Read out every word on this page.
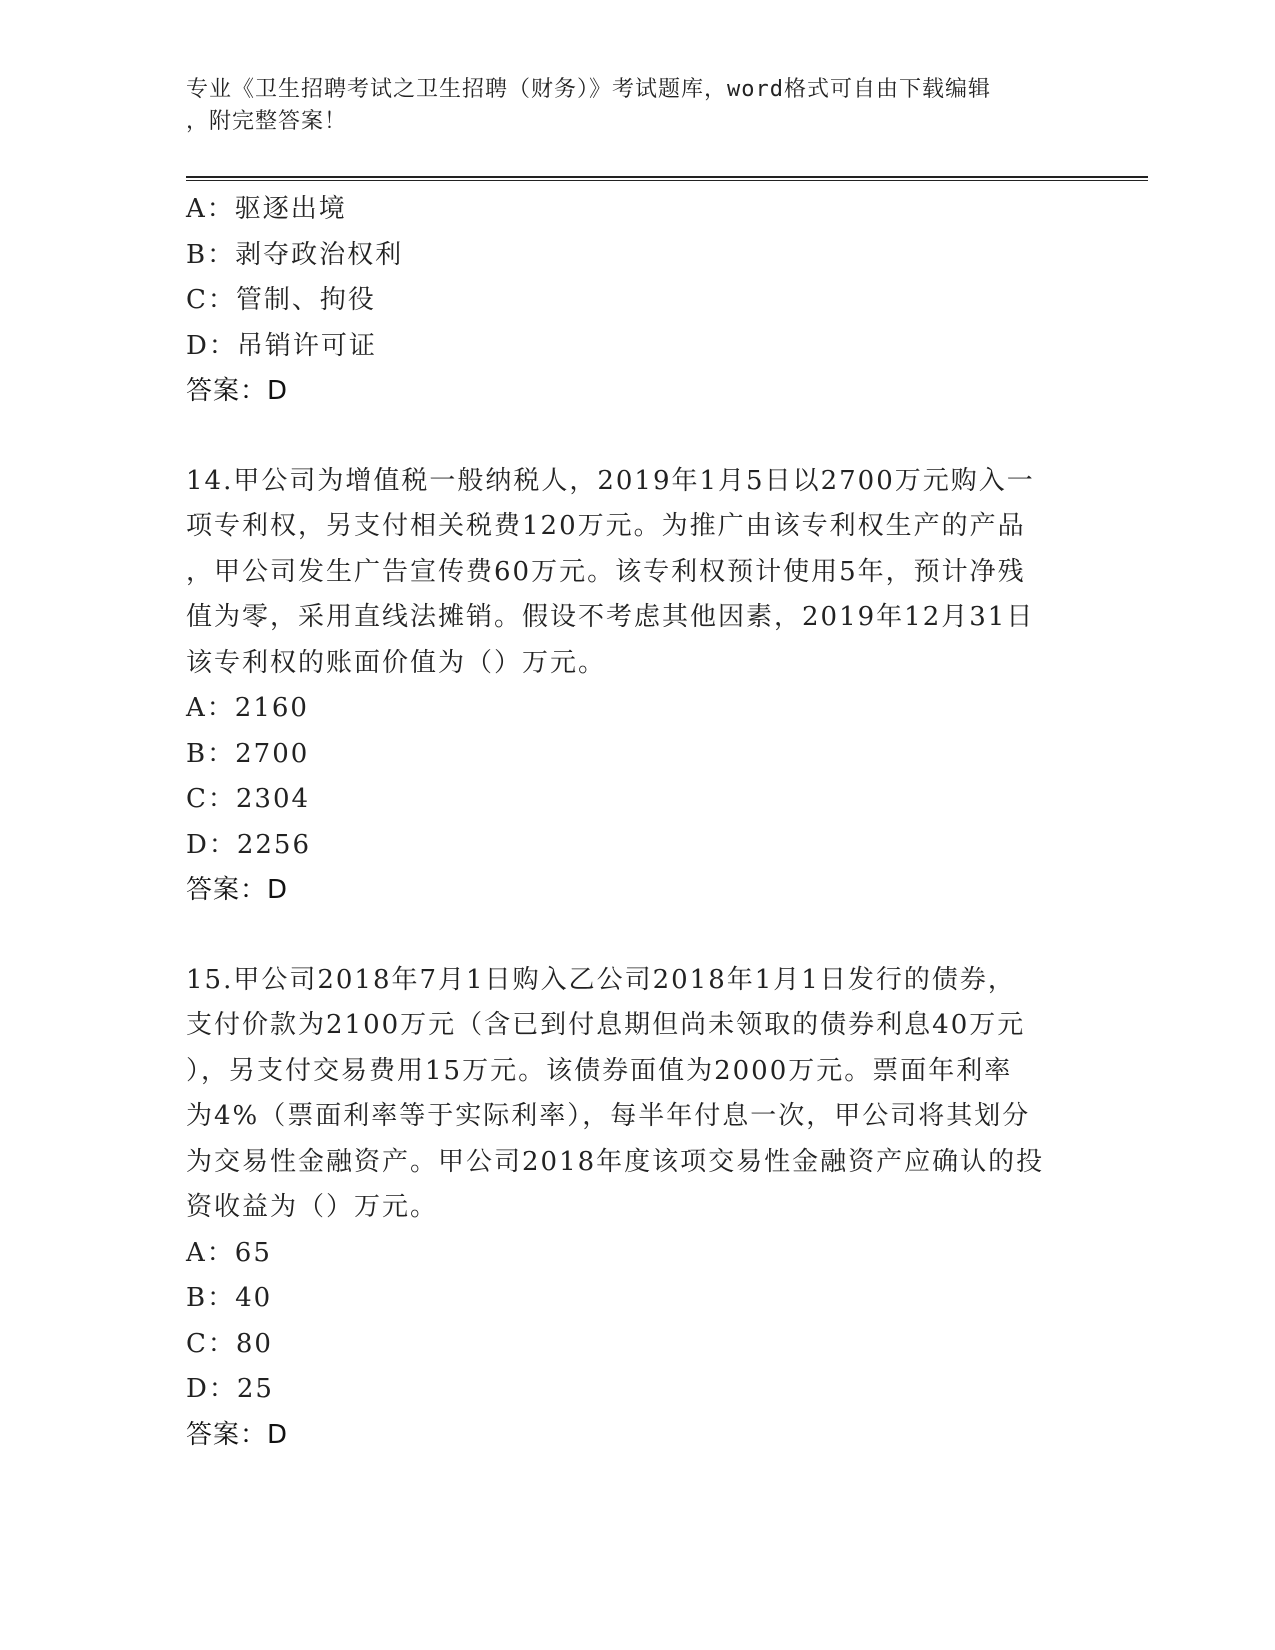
专业《卫生招聘考试之卫生招聘（财务）》考试题库，word格式可自由下载编辑
，附完整答案！
A：驱逐出境
B：剥夺政治权利
C：管制、拘役
D：吊销许可证
答案：D
14.甲公司为增值税一般纳税人，2019年1月5日以2700万元购入一
项专利权，另支付相关税费120万元。为推广由该专利权生产的产品
，甲公司发生广告宣传费60万元。该专利权预计使用5年，预计净残
值为零，采用直线法摊销。假设不考虑其他因素，2019年12月31日
该专利权的账面价值为（）万元。
A：2160
B：2700
C：2304
D：2256
答案：D
15.甲公司2018年7月1日购入乙公司2018年1月1日发行的债券，
支付价款为2100万元（含已到付息期但尚未领取的债券利息40万元
），另支付交易费用15万元。该债券面值为2000万元。票面年利率
为4%（票面利率等于实际利率），每半年付息一次，甲公司将其划分
为交易性金融资产。甲公司2018年度该项交易性金融资产应确认的投
资收益为（）万元。
A：65
B：40
C：80
D：25
答案：D
